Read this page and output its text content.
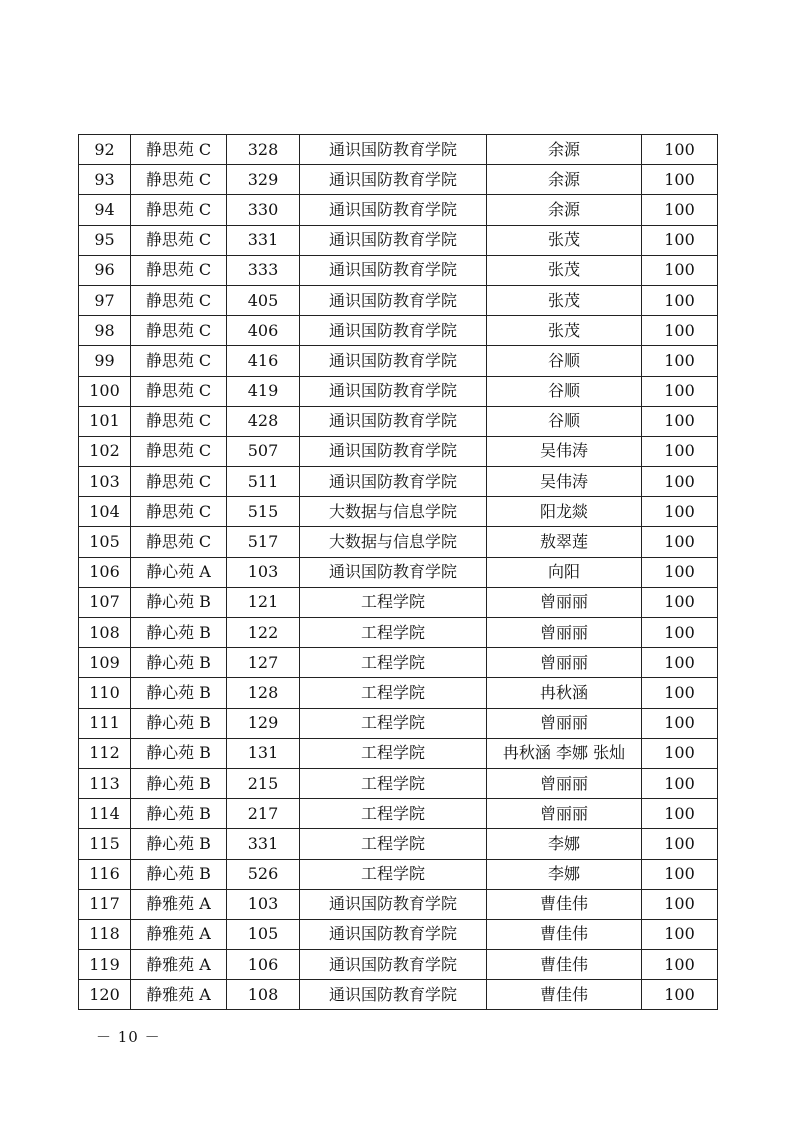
92	静思苑 C	328	通识国防教育学院	余源	100
93	静思苑 C	329	通识国防教育学院	余源	100
94	静思苑 C	330	通识国防教育学院	余源	100
95	静思苑 C	331	通识国防教育学院	张茂	100
96	静思苑 C	333	通识国防教育学院	张茂	100
97	静思苑 C	405	通识国防教育学院	张茂	100
98	静思苑 C	406	通识国防教育学院	张茂	100
99	静思苑 C	416	通识国防教育学院	谷顺	100
100	静思苑 C	419	通识国防教育学院	谷顺	100
101	静思苑 C	428	通识国防教育学院	谷顺	100
102	静思苑 C	507	通识国防教育学院	吴伟涛	100
103	静思苑 C	511	通识国防教育学院	吴伟涛	100
104	静思苑 C	515	大数据与信息学院	阳龙燚	100
105	静思苑 C	517	大数据与信息学院	敖翠莲	100
106	静心苑 A	103	通识国防教育学院	向阳	100
107	静心苑 B	121	工程学院	曾丽丽	100
108	静心苑 B	122	工程学院	曾丽丽	100
109	静心苑 B	127	工程学院	曾丽丽	100
110	静心苑 B	128	工程学院	冉秋涵	100
111	静心苑 B	129	工程学院	曾丽丽	100
112	静心苑 B	131	工程学院	冉秋涵 李娜 张灿	100
113	静心苑 B	215	工程学院	曾丽丽	100
114	静心苑 B	217	工程学院	曾丽丽	100
115	静心苑 B	331	工程学院	李娜	100
116	静心苑 B	526	工程学院	李娜	100
117	静雅苑 A	103	通识国防教育学院	曹佳伟	100
118	静雅苑 A	105	通识国防教育学院	曹佳伟	100
119	静雅苑 A	106	通识国防教育学院	曹佳伟	100
120	静雅苑 A	108	通识国防教育学院	曹佳伟	100
－ 10 －
